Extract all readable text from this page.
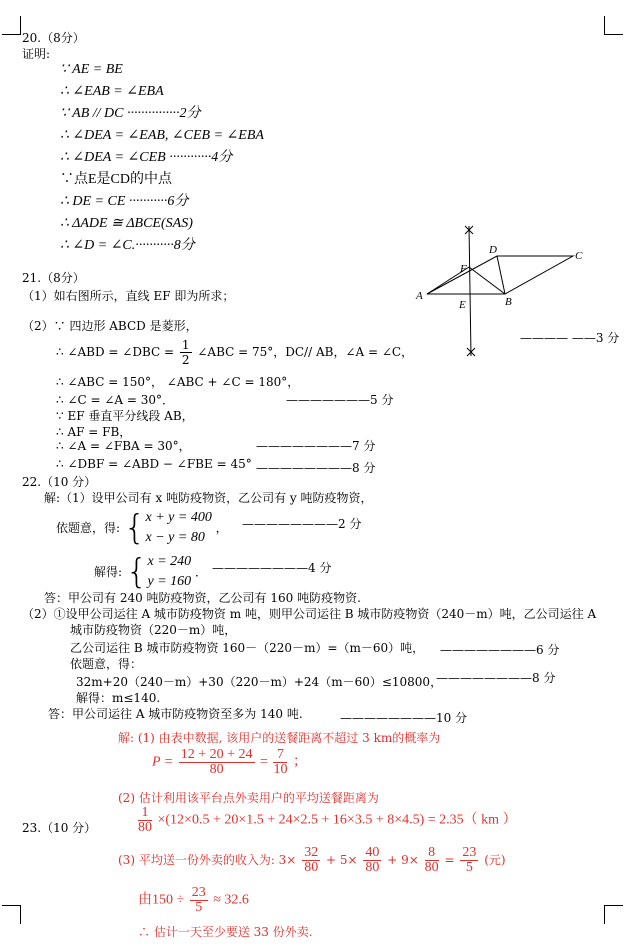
20.（8分）
证明:
∵ AE = BE
∴ ∠EAB = ∠EBA
∵ AB // DC ···············2分
∴ ∠DEA = ∠EAB, ∠CEB = ∠EBA
∴ ∠DEA = ∠CEB ············4分
∵点E是CD的中点
∴ DE = CE ···········6分
∴ ΔADE ≅ ΔBCE(SAS)
∴ ∠D = ∠C.···········8分
21.（8分）
（1）如右图所示，直线 EF 即为所求；	A	B
C
D
E
F
———— ——3 分
（2）∵ 四边形 ABCD 是菱形，
∴ ∠ABD = ∠DBC = $\frac{1}{2}$ ∠ABC = 75°，DC// AB，∠A = ∠C，
∴ ∠ABC = 150°， ∠ABC + ∠C = 180°，
∴ ∠C = ∠A = 30°．	———————5 分
∵ EF 垂直平分线段 AB，
∴ AF = FB，
∴ ∠A = ∠FBA = 30°，	————————7 分
∴ ∠DBF = ∠ABD − ∠FBE = 45° ————————8 分
22.（10 分）
解:（1）设甲公司有 x 吨防疫物资，乙公司有 y 吨防疫物资，
依题意，得: { x + y = 400
x − y = 80
， ————————2 分
解得: { x = 240
y = 160
． ————————4 分
答：甲公司有 240 吨防疫物资，乙公司有 160 吨防疫物资.
（2）①设甲公司运往 A 城市防疫物资 m 吨，则甲公司运往 B 城市防疫物资（240－m）吨，乙公司运往 A
城市防疫物资（220－m）吨，
乙公司运往 B 城市防疫物资 160－（220－m）=（m－60）吨， ————————6 分
依题意，得：
32m+20（240－m）+30（220－m）+24（m－60）≤10800，
————————8 分
解得：m≤140.
答：甲公司运往 A 城市防疫物资至多为 140 吨.	————————10 分
解: (1) 由表中数据, 该用户的送餐距离不超过 3 km的概率为
$P = \frac{12 + 20 + 24}{80} = \frac{7}{10}$ ；
(2) 估计利用该平台点外卖用户的平均送餐距离为
23.（10 分）	$\frac{1}{80} \times(12\times 0.5 + 20\times 1.5 + 24\times 2.5 + 16\times 3.5 + 8\times 4.5) = 2.35$（ km ）
(3) 平均送一份外卖的收入为: $3\times \frac{32}{80} + 5\times \frac{40}{80} + 9\times \frac{8}{80} = \frac{23}{5}$ (元)
由$150 \div \frac{23}{5} \approx 32.6$
∴ 估计一天至少要送 33 份外卖.
